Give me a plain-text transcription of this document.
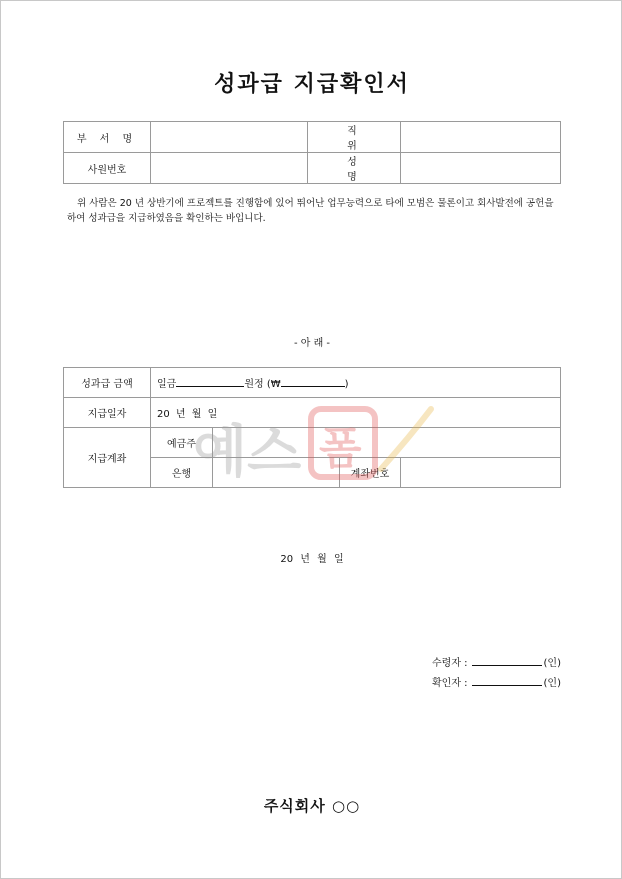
성과급 지급확인서
부 서 명		직 위	
사원번호		성 명	
위 사람은 20 년 상반기에 프로젝트를 진행함에 있어 뛰어난 업무능력으로 타에 모범은 물론이고 회사발전에 공헌을 하여 성과급을 지급하였음을 확인하는 바입니다.
- 아 래 -
성과급 금액	일금 원정 (₩ )			
지급일자	20 년 월 일			
지급계좌	예금주			
	은행		계좌번호	
예스 폼
20 년 월 일
수령자 :	(인)
확인자 :	(인)
주식회사 ○○
